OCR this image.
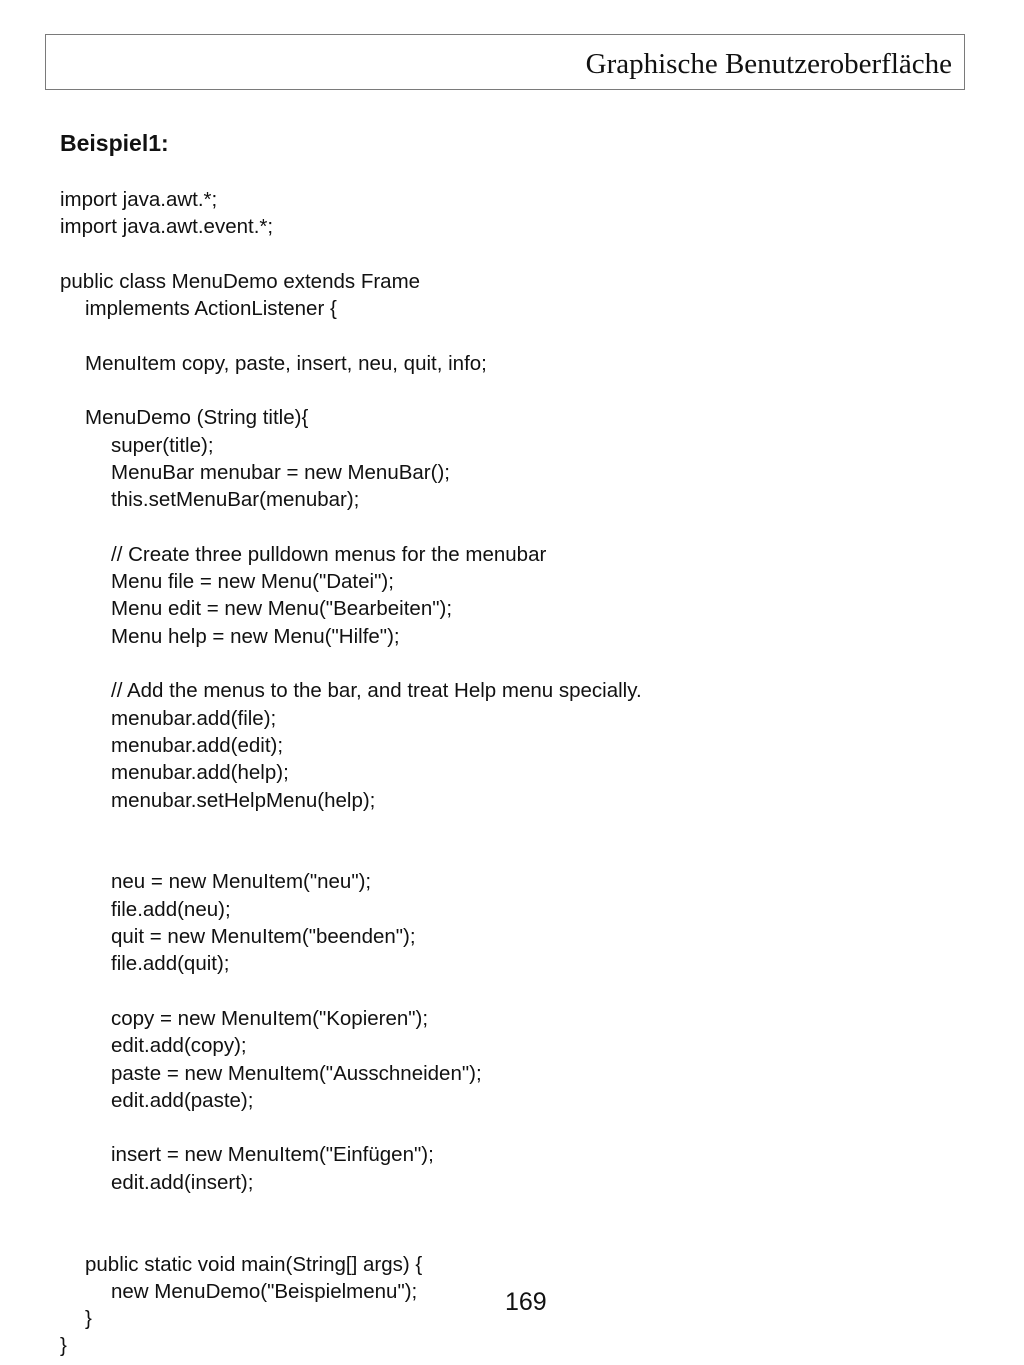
Graphische Benutzeroberfläche
Beispiel1:
import java.awt.*;
import java.awt.event.*;
public class MenuDemo extends Frame
implements ActionListener {
MenuItem copy, paste, insert, neu, quit, info;
MenuDemo (String title){
super(title);
MenuBar menubar = new MenuBar();
this.setMenuBar(menubar);
// Create three pulldown menus for the menubar
Menu file = new Menu("Datei");
Menu edit = new Menu("Bearbeiten");
Menu help = new Menu("Hilfe");
// Add the menus to the bar, and treat Help menu specially.
menubar.add(file);
menubar.add(edit);
menubar.add(help);
menubar.setHelpMenu(help);
neu = new MenuItem("neu");
file.add(neu);
quit = new MenuItem("beenden");
file.add(quit);
copy = new MenuItem("Kopieren");
edit.add(copy);
paste = new MenuItem("Ausschneiden");
edit.add(paste);
insert = new MenuItem("Einfügen");
edit.add(insert);
public static void main(String[] args) {
new MenuDemo("Beispielmenu");
}
}
169
